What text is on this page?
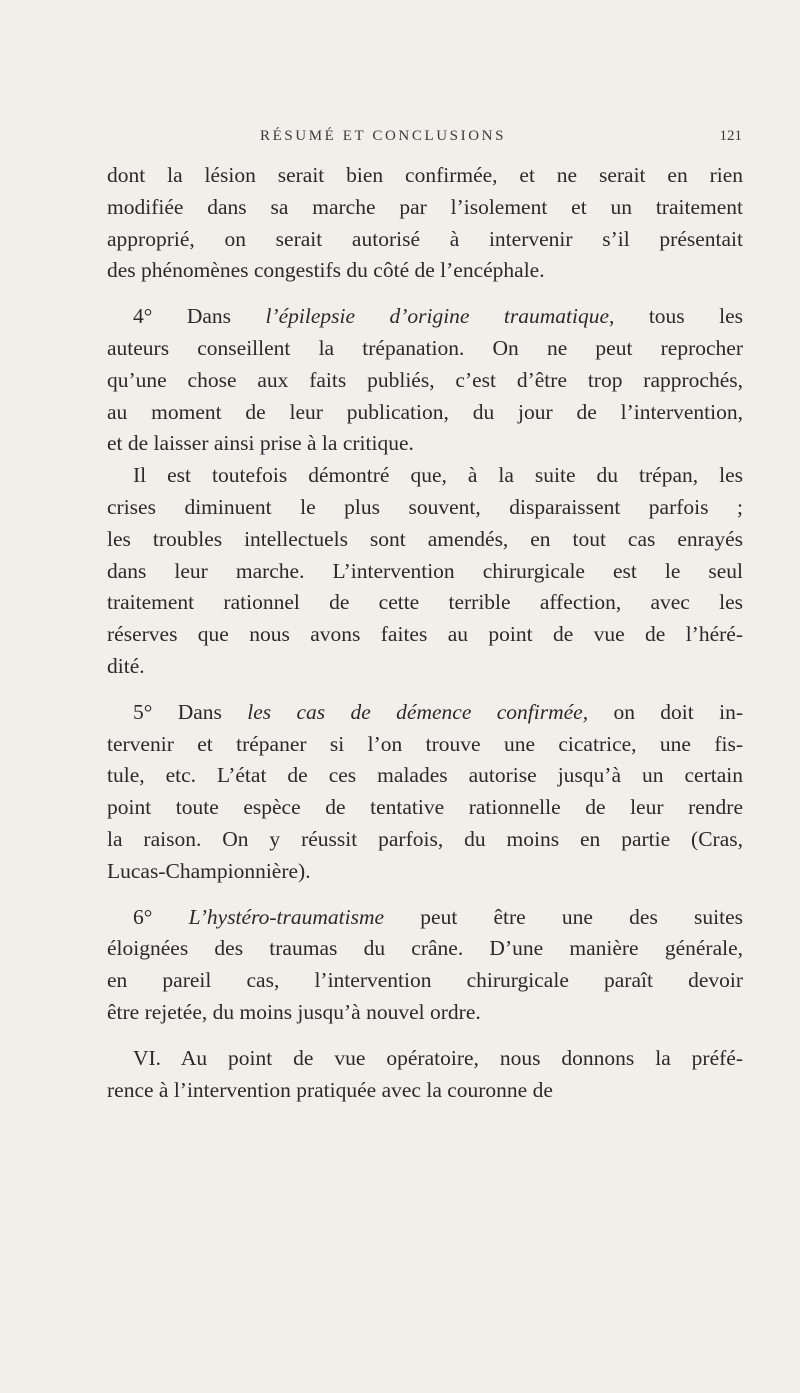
RÉSUMÉ ET CONCLUSIONS	121
dont la lésion serait bien confirmée, et ne serait en rien
modifiée dans sa marche par l’isolement et un traitement
approprié, on serait autorisé à intervenir s’il présentait
des phénomènes congestifs du côté de l’encéphale.
4° Dans l’épilepsie d’origine traumatique, tous les
auteurs conseillent la trépanation. On ne peut reprocher
qu’une chose aux faits publiés, c’est d’être trop rapprochés,
au moment de leur publication, du jour de l’intervention,
et de laisser ainsi prise à la critique.
Il est toutefois démontré que, à la suite du trépan, les
crises diminuent le plus souvent, disparaissent parfois ;
les troubles intellectuels sont amendés, en tout cas enrayés
dans leur marche. L’intervention chirurgicale est le seul
traitement rationnel de cette terrible affection, avec les
réserves que nous avons faites au point de vue de l’héré-
dité.
5° Dans les cas de démence confirmée, on doit in-
tervenir et trépaner si l’on trouve une cicatrice, une fis-
tule, etc. L’état de ces malades autorise jusqu’à un certain
point toute espèce de tentative rationnelle de leur rendre
la raison. On y réussit parfois, du moins en partie (Cras,
Lucas-Championnière).
6° L’hystéro-traumatisme peut être une des suites
éloignées des traumas du crâne. D’une manière générale,
en pareil cas, l’intervention chirurgicale paraît devoir
être rejetée, du moins jusqu’à nouvel ordre.
VI. Au point de vue opératoire, nous donnons la préfé-
rence à l’intervention pratiquée avec la couronne de
